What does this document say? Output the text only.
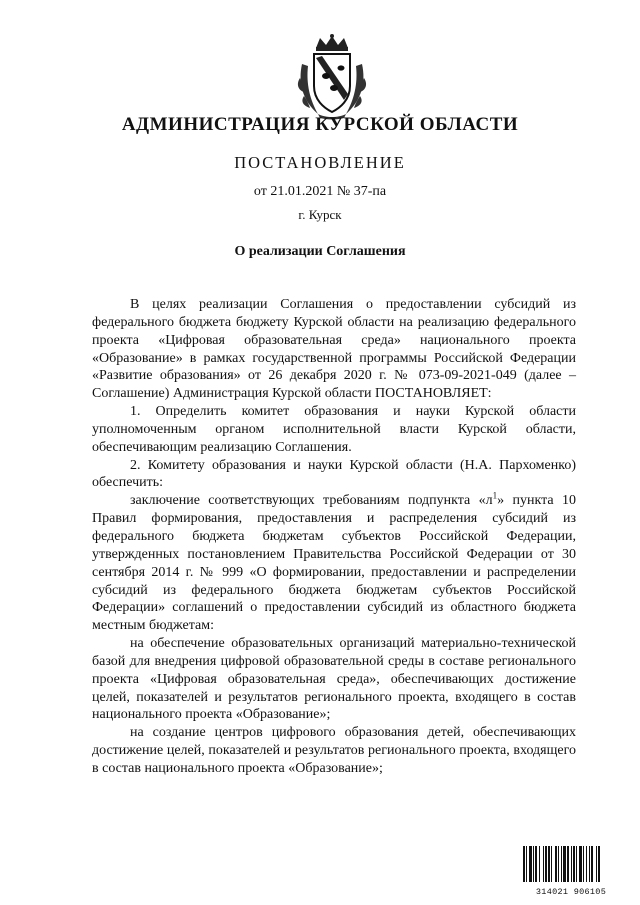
АДМИНИСТРАЦИЯ КУРСКОЙ ОБЛАСТИ
ПОСТАНОВЛЕНИЕ
от 21.01.2021 № 37-па
г. Курск
О реализации Соглашения

В целях реализации Соглашения о предоставлении субсидий из федерального бюджета бюджету Курской области на реализацию федерального проекта «Цифровая образовательная среда» национального проекта «Образование» в рамках государственной программы Российской Федерации «Развитие образования» от 26 декабря 2020 г. № 073-09-2021-049 (далее – Соглашение) Администрация Курской области ПОСТАНОВЛЯЕТ:

1. Определить комитет образования и науки Курской области уполномоченным органом исполнительной власти Курской области, обеспечивающим реализацию Соглашения.

2. Комитету образования и науки Курской области (Н.А. Пархоменко) обеспечить:

заключение соответствующих требованиям подпункта «$л^1$» пункта 10 Правил формирования, предоставления и распределения субсидий из федерального бюджета бюджетам субъектов Российской Федерации, утвержденных постановлением Правительства Российской Федерации от 30 сентября 2014 г. № 999 «О формировании, предоставлении и распределении субсидий из федерального бюджета бюджетам субъектов Российской Федерации» соглашений о предоставлении субсидий из областного бюджета местным бюджетам:

на обеспечение образовательных организаций материально-технической базой для внедрения цифровой образовательной среды в составе регионального проекта «Цифровая образовательная среда», обеспечивающих достижение целей, показателей и результатов регионального проекта, входящего в состав национального проекта «Образование»;

на создание центров цифрового образования детей, обеспечивающих достижение целей, показателей и результатов регионального проекта, входящего в состав национального проекта «Образование»;

314021 906105
